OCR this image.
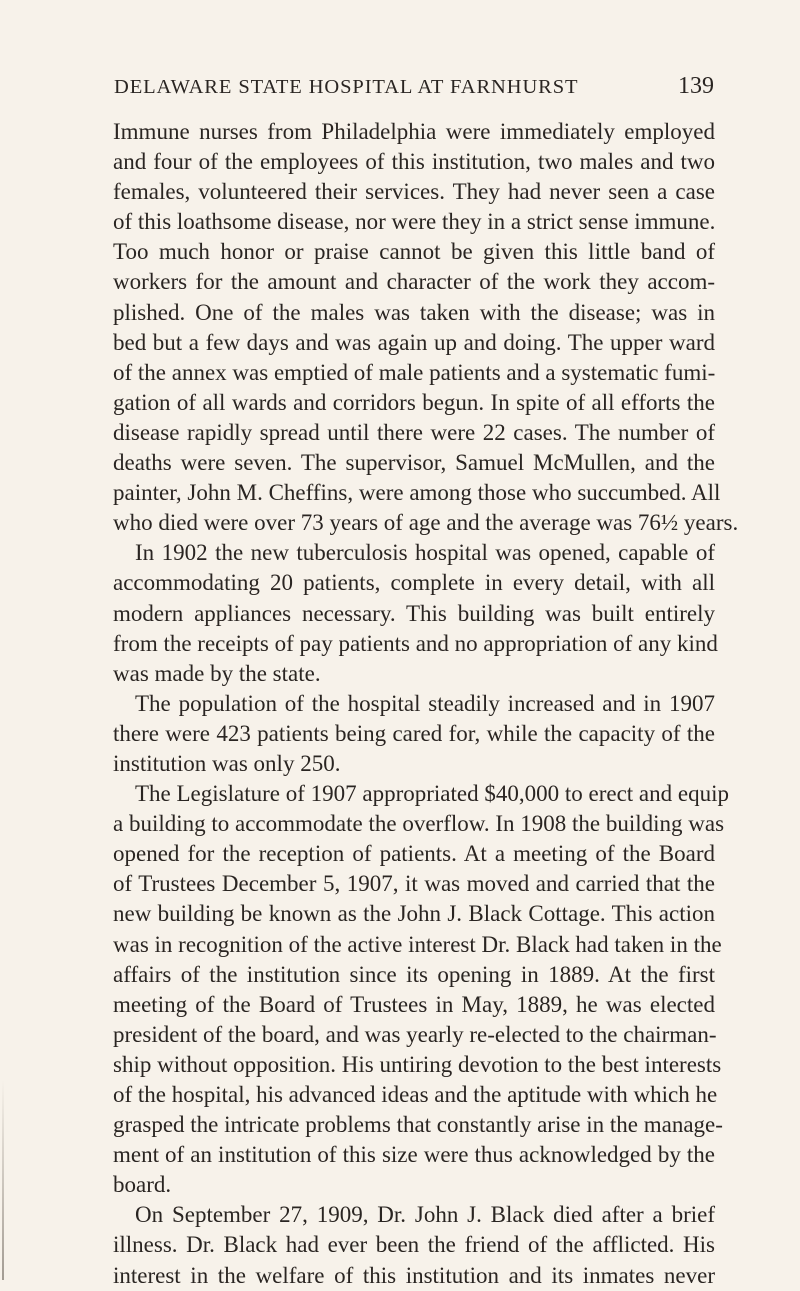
DELAWARE STATE HOSPITAL AT FARNHURST	139
Immune nurses from Philadelphia were immediately employed
and four of the employees of this institution, two males and two
females, volunteered their services. They had never seen a case
of this loathsome disease, nor were they in a strict sense immune.
Too much honor or praise cannot be given this little band of
workers for the amount and character of the work they accom-
plished. One of the males was taken with the disease; was in
bed but a few days and was again up and doing. The upper ward
of the annex was emptied of male patients and a systematic fumi-
gation of all wards and corridors begun. In spite of all efforts the
disease rapidly spread until there were 22 cases. The number of
deaths were seven. The supervisor, Samuel McMullen, and the
painter, John M. Cheffins, were among those who succumbed. All
who died were over 73 years of age and the average was 76½ years.
In 1902 the new tuberculosis hospital was opened, capable of
accommodating 20 patients, complete in every detail, with all
modern appliances necessary. This building was built entirely
from the receipts of pay patients and no appropriation of any kind
was made by the state.
The population of the hospital steadily increased and in 1907
there were 423 patients being cared for, while the capacity of the
institution was only 250.
The Legislature of 1907 appropriated $40,000 to erect and equip
a building to accommodate the overflow. In 1908 the building was
opened for the reception of patients. At a meeting of the Board
of Trustees December 5, 1907, it was moved and carried that the
new building be known as the John J. Black Cottage. This action
was in recognition of the active interest Dr. Black had taken in the
affairs of the institution since its opening in 1889. At the first
meeting of the Board of Trustees in May, 1889, he was elected
president of the board, and was yearly re-elected to the chairman-
ship without opposition. His untiring devotion to the best interests
of the hospital, his advanced ideas and the aptitude with which he
grasped the intricate problems that constantly arise in the manage-
ment of an institution of this size were thus acknowledged by the
board.
On September 27, 1909, Dr. John J. Black died after a brief
illness. Dr. Black had ever been the friend of the afflicted. His
interest in the welfare of this institution and its inmates never
